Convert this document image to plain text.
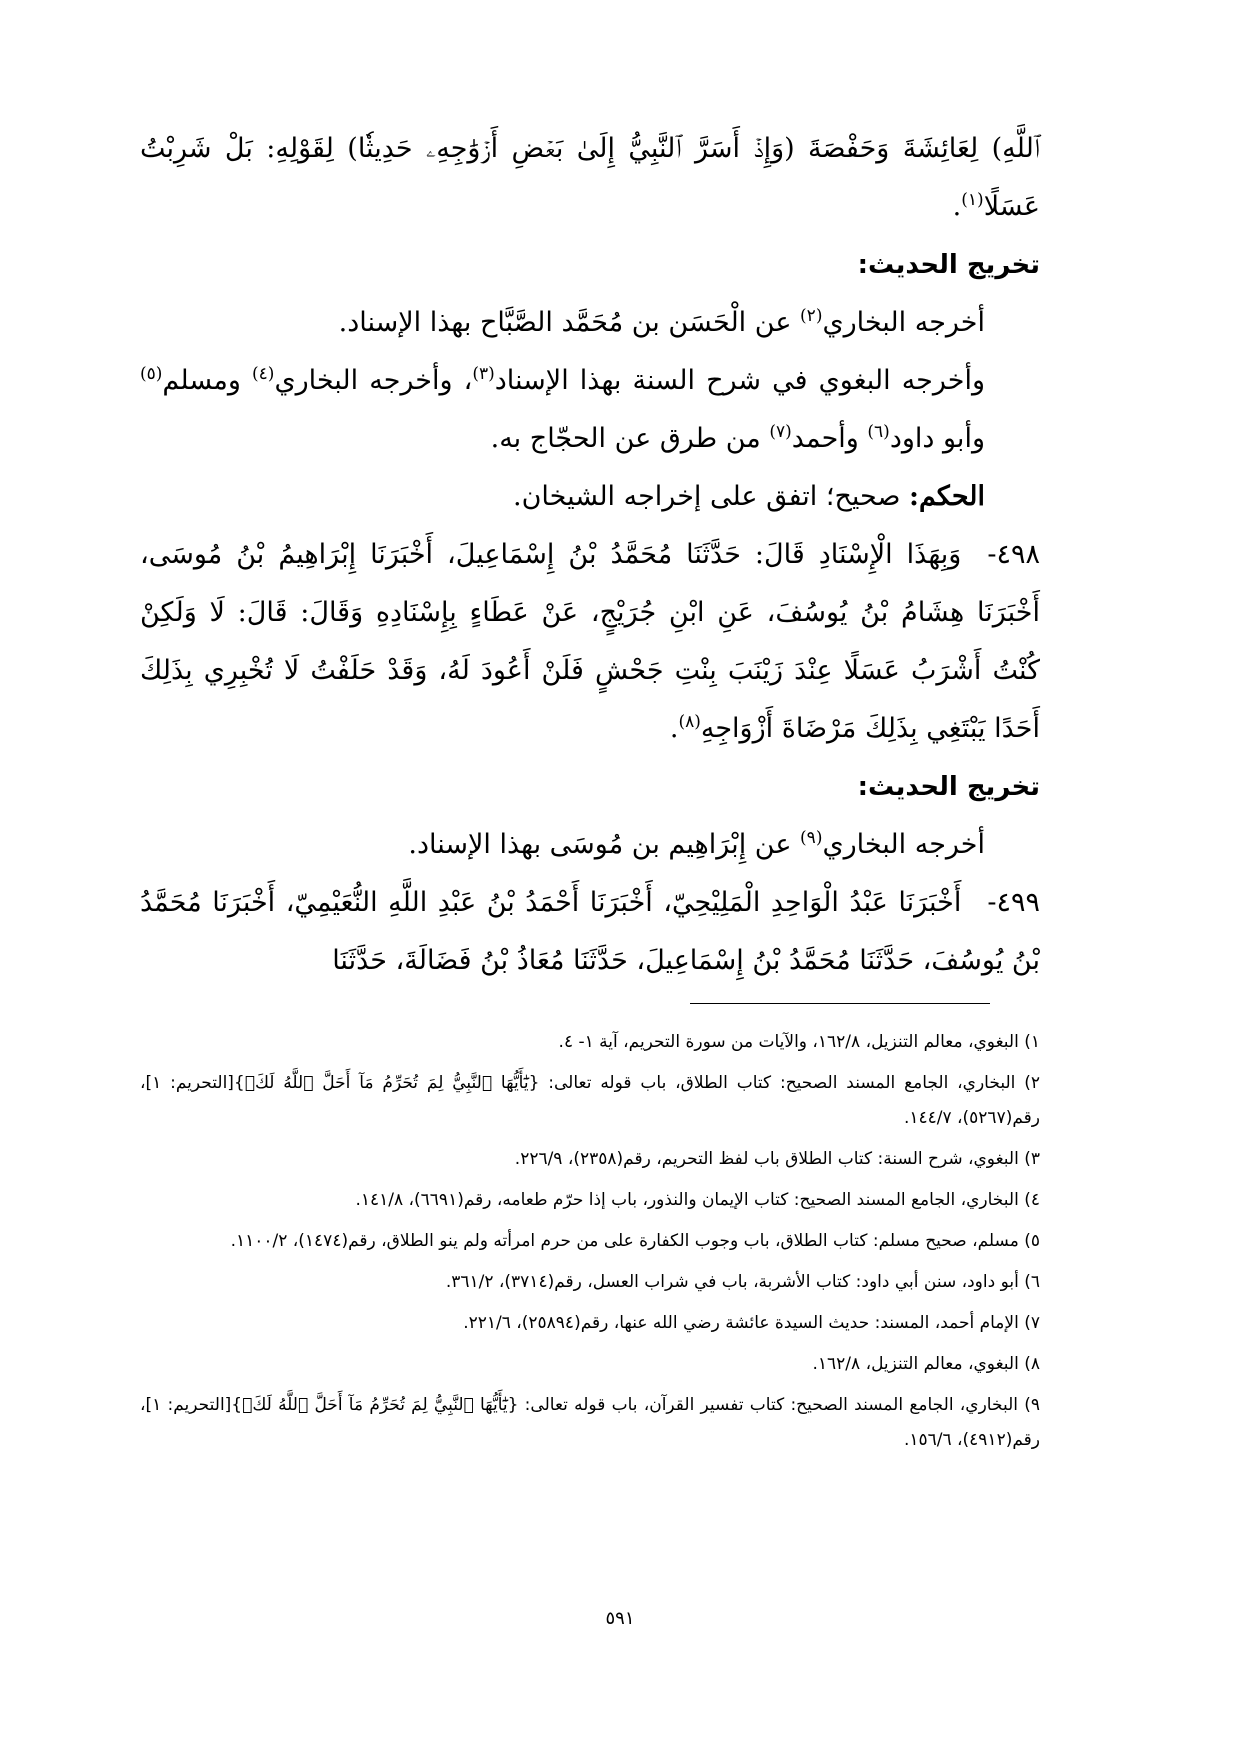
ٱللَّهِ) لِعَائِشَةَ وَحَفْصَةَ (وَإِذۡ أَسَرَّ ٱلنَّبِيُّ إِلَىٰ بَعۡضِ أَزۡوَٰجِهِۦ حَدِيثٗا) لِقَوْلِهِ: بَلْ شَرِبْتُ عَسَلًا$^{(١)}$.

تخريج الحديث:

أخرجه البخاري$^{(٢)}$ عن الْحَسَن بن مُحَمَّد الصَّبَّاح بهذا الإسناد.

وأخرجه البغوي في شرح السنة بهذا الإسناد$^{(٣)}$، وأخرجه البخاري$^{(٤)}$ ومسلم$^{(٥)}$ وأبو داود$^{(٦)}$ وأحمد$^{(٧)}$ من طرق عن الحجّاج به.

الحكم: صحيح؛ اتفق على إخراجه الشيخان.

٤٩٨-وَبِهَذَا الْإِسْنَادِ قَالَ: حَدَّثَنَا مُحَمَّدُ بْنُ إِسْمَاعِيلَ، أَخْبَرَنَا إِبْرَاهِيمُ بْنُ مُوسَى، أَخْبَرَنَا هِشَامُ بْنُ يُوسُفَ، عَنِ ابْنِ جُرَيْجٍ، عَنْ عَطَاءٍ بِإِسْنَادِهِ وَقَالَ: قَالَ: لَا وَلَكِنْ كُنْتُ أَشْرَبُ عَسَلًا عِنْدَ زَيْنَبَ بِنْتِ جَحْشٍ فَلَنْ أَعُودَ لَهُ، وَقَدْ حَلَفْتُ لَا تُخْبِرِي بِذَلِكَ أَحَدًا يَبْتَغِي بِذَلِكَ مَرْضَاةَ أَزْوَاجِهِ$^{(٨)}$.

تخريج الحديث:

أخرجه البخاري$^{(٩)}$ عن إِبْرَاهِيم بن مُوسَى بهذا الإسناد.

٤٩٩-أَخْبَرَنَا عَبْدُ الْوَاحِدِ الْمَلِيْحِيّ، أَخْبَرَنَا أَحْمَدُ بْنُ عَبْدِ اللَّهِ النُّعَيْمِيّ، أَخْبَرَنَا مُحَمَّدُ بْنُ يُوسُفَ، حَدَّثَنَا مُحَمَّدُ بْنُ إِسْمَاعِيلَ، حَدَّثَنَا مُعَاذُ بْنُ فَضَالَةَ، حَدَّثَنَا

١) البغوي، معالم التنزيل، ١٦٢/٨، والآيات من سورة التحريم، آية ١- ٤.

٢) البخاري، الجامع المسند الصحيح: كتاب الطلاق، باب قوله تعالى: {يَٰٓأَيُّهَا ٱلنَّبِيُّ لِمَ تُحَرِّمُ مَآ أَحَلَّ ٱللَّهُ لَكَۖ}[التحريم: ١]، رقم(٥٢٦٧)، ١٤٤/٧.

٣) البغوي، شرح السنة: كتاب الطلاق باب لفظ التحريم، رقم(٢٣٥٨)، ٢٢٦/٩.

٤) البخاري، الجامع المسند الصحيح: كتاب الإيمان والنذور، باب إذا حرّم طعامه، رقم(٦٦٩١)، ١٤١/٨.

٥) مسلم، صحيح مسلم: كتاب الطلاق، باب وجوب الكفارة على من حرم امرأته ولم ينو الطلاق، رقم(١٤٧٤)، ١١٠٠/٢.

٦) أبو داود، سنن أبي داود: كتاب الأشربة، باب في شراب العسل، رقم(٣٧١٤)، ٣٦١/٢.

٧) الإمام أحمد، المسند: حديث السيدة عائشة رضي الله عنها، رقم(٢٥٨٩٤)، ٢٢١/٦.

٨) البغوي، معالم التنزيل، ١٦٢/٨.

٩) البخاري، الجامع المسند الصحيح: كتاب تفسير القرآن، باب قوله تعالى: {يَٰٓأَيُّهَا ٱلنَّبِيُّ لِمَ تُحَرِّمُ مَآ أَحَلَّ ٱللَّهُ لَكَۖ}[التحريم: ١]، رقم(٤٩١٢)، ١٥٦/٦.

٥٩١
